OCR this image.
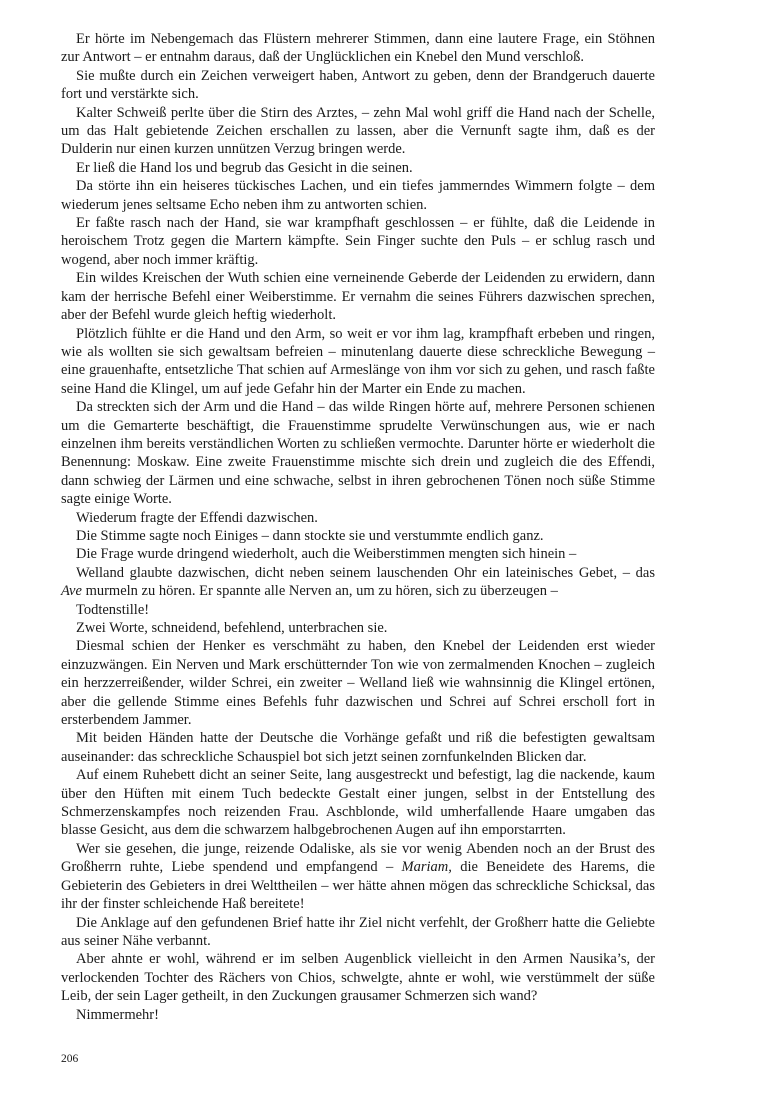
Er hörte im Nebengemach das Flüstern mehrerer Stimmen, dann eine lautere Frage, ein Stöhnen zur Antwort – er entnahm daraus, daß der Unglücklichen ein Knebel den Mund verschloß.

Sie mußte durch ein Zeichen verweigert haben, Antwort zu geben, denn der Brandgeruch dauerte fort und verstärkte sich.

Kalter Schweiß perlte über die Stirn des Arztes, – zehn Mal wohl griff die Hand nach der Schelle, um das Halt gebietende Zeichen erschallen zu lassen, aber die Vernunft sagte ihm, daß es der Dulderin nur einen kurzen unnützen Verzug bringen werde.

Er ließ die Hand los und begrub das Gesicht in die seinen.

Da störte ihn ein heiseres tückisches Lachen, und ein tiefes jammerndes Wimmern folgte – dem wiederum jenes seltsame Echo neben ihm zu antworten schien.

Er faßte rasch nach der Hand, sie war krampfhaft geschlossen – er fühlte, daß die Leidende in heroischem Trotz gegen die Martern kämpfte. Sein Finger suchte den Puls – er schlug rasch und wogend, aber noch immer kräftig.

Ein wildes Kreischen der Wuth schien eine verneinende Geberde der Leidenden zu erwidern, dann kam der herrische Befehl einer Weiberstimme. Er vernahm die seines Führers dazwischen sprechen, aber der Befehl wurde gleich heftig wiederholt.

Plötzlich fühlte er die Hand und den Arm, so weit er vor ihm lag, krampfhaft erbeben und ringen, wie als wollten sie sich gewaltsam befreien – minutenlang dauerte diese schreckliche Bewegung – eine grauenhafte, entsetzliche That schien auf Armeslänge von ihm vor sich zu gehen, und rasch faßte seine Hand die Klingel, um auf jede Gefahr hin der Marter ein Ende zu machen.

Da streckten sich der Arm und die Hand – das wilde Ringen hörte auf, mehrere Personen schienen um die Gemarterte beschäftigt, die Frauenstimme sprudelte Verwünschungen aus, wie er nach einzelnen ihm bereits verständlichen Worten zu schließen vermochte. Darunter hörte er wiederholt die Benennung: Moskaw. Eine zweite Frauenstimme mischte sich drein und zugleich die des Effendi, dann schwieg der Lärmen und eine schwache, selbst in ihren gebrochenen Tönen noch süße Stimme sagte einige Worte.

Wiederum fragte der Effendi dazwischen.

Die Stimme sagte noch Einiges – dann stockte sie und verstummte endlich ganz.

Die Frage wurde dringend wiederholt, auch die Weiberstimmen mengten sich hinein –

Welland glaubte dazwischen, dicht neben seinem lauschenden Ohr ein lateinisches Gebet, – das Ave murmeln zu hören. Er spannte alle Nerven an, um zu hören, sich zu überzeugen –

Todtenstille!

Zwei Worte, schneidend, befehlend, unterbrachen sie.

Diesmal schien der Henker es verschmäht zu haben, den Knebel der Leidenden erst wieder einzuzwängen. Ein Nerven und Mark erschütternder Ton wie von zermalmenden Knochen – zugleich ein herzzerreißender, wilder Schrei, ein zweiter – Welland ließ wie wahnsinnig die Klingel ertönen, aber die gellende Stimme eines Befehls fuhr dazwischen und Schrei auf Schrei erscholl fort in ersterbendem Jammer.

Mit beiden Händen hatte der Deutsche die Vorhänge gefaßt und riß die befestigten gewaltsam auseinander: das schreckliche Schauspiel bot sich jetzt seinen zornfunkelnden Blicken dar.

Auf einem Ruhebett dicht an seiner Seite, lang ausgestreckt und befestigt, lag die nackende, kaum über den Hüften mit einem Tuch bedeckte Gestalt einer jungen, selbst in der Entstellung des Schmerzenskampfes noch reizenden Frau. Aschblonde, wild umherfallende Haare umgaben das blasse Gesicht, aus dem die schwarzem halbgebrochenen Augen auf ihn emporstarrten.

Wer sie gesehen, die junge, reizende Odaliske, als sie vor wenig Abenden noch an der Brust des Großherrn ruhte, Liebe spendend und empfangend – Mariam, die Beneidete des Harems, die Gebieterin des Gebieters in drei Welttheilen – wer hätte ahnen mögen das schreckliche Schicksal, das ihr der finster schleichende Haß bereitete!

Die Anklage auf den gefundenen Brief hatte ihr Ziel nicht verfehlt, der Großherr hatte die Geliebte aus seiner Nähe verbannt.

Aber ahnte er wohl, während er im selben Augenblick vielleicht in den Armen Nausika’s, der verlockenden Tochter des Rächers von Chios, schwelgte, ahnte er wohl, wie verstümmelt der süße Leib, der sein Lager getheilt, in den Zuckungen grausamer Schmerzen sich wand?

Nimmermehr!

206
